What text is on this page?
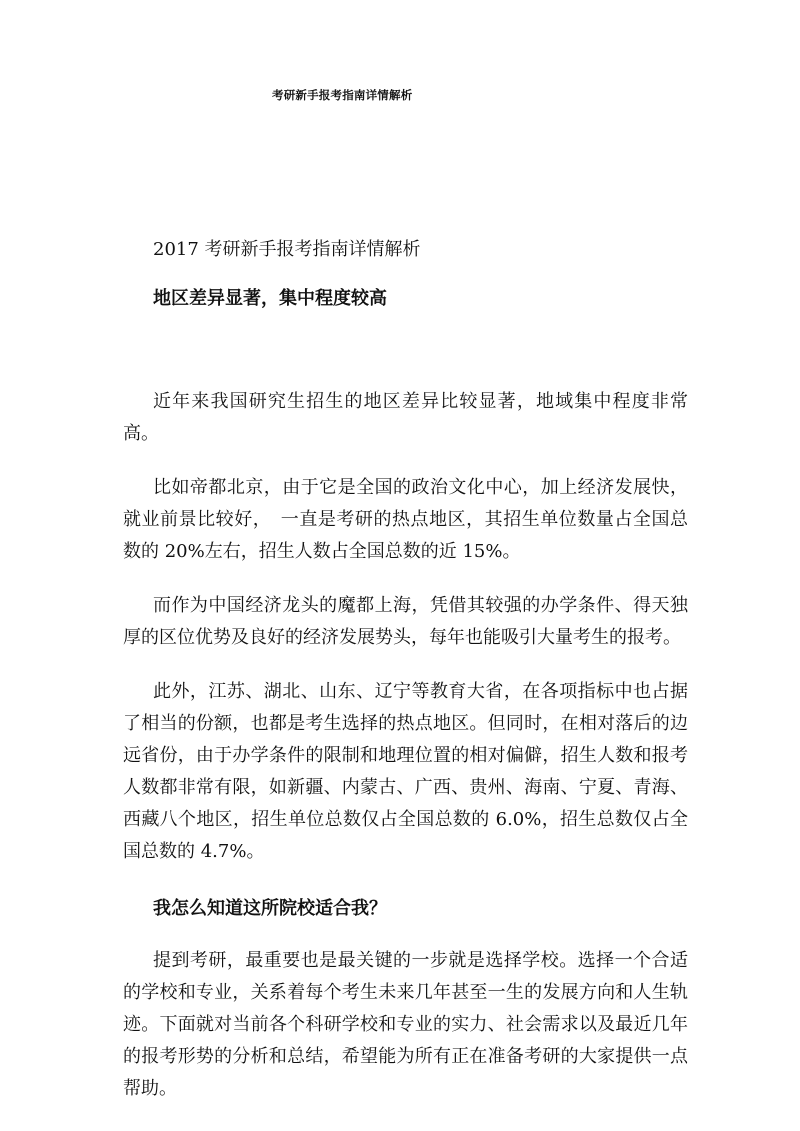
考研新手报考指南详情解析

2017 考研新手报考指南详情解析

地区差异显著，集中程度较高

近年来我国研究生招生的地区差异比较显著，地域集中程度非常高。

比如帝都北京，由于它是全国的政治文化中心，加上经济发展快，就业前景比较好，　一直是考研的热点地区，其招生单位数量占全国总数的 20%左右，招生人数占全国总数的近 15%。

而作为中国经济龙头的魔都上海，凭借其较强的办学条件、得天独厚的区位优势及良好的经济发展势头，每年也能吸引大量考生的报考。

此外，江苏、湖北、山东、辽宁等教育大省，在各项指标中也占据了相当的份额，也都是考生选择的热点地区。但同时，在相对落后的边远省份，由于办学条件的限制和地理位置的相对偏僻，招生人数和报考人数都非常有限，如新疆、内蒙古、广西、贵州、海南、宁夏、青海、西藏八个地区，招生单位总数仅占全国总数的 6.0%，招生总数仅占全国总数的 4.7%。

我怎么知道这所院校适合我？

提到考研，最重要也是最关键的一步就是选择学校。选择一个合适的学校和专业，关系着每个考生未来几年甚至一生的发展方向和人生轨迹。下面就对当前各个科研学校和专业的实力、社会需求以及最近几年的报考形势的分析和总结，希望能为所有正在准备考研的大家提供一点帮助。
